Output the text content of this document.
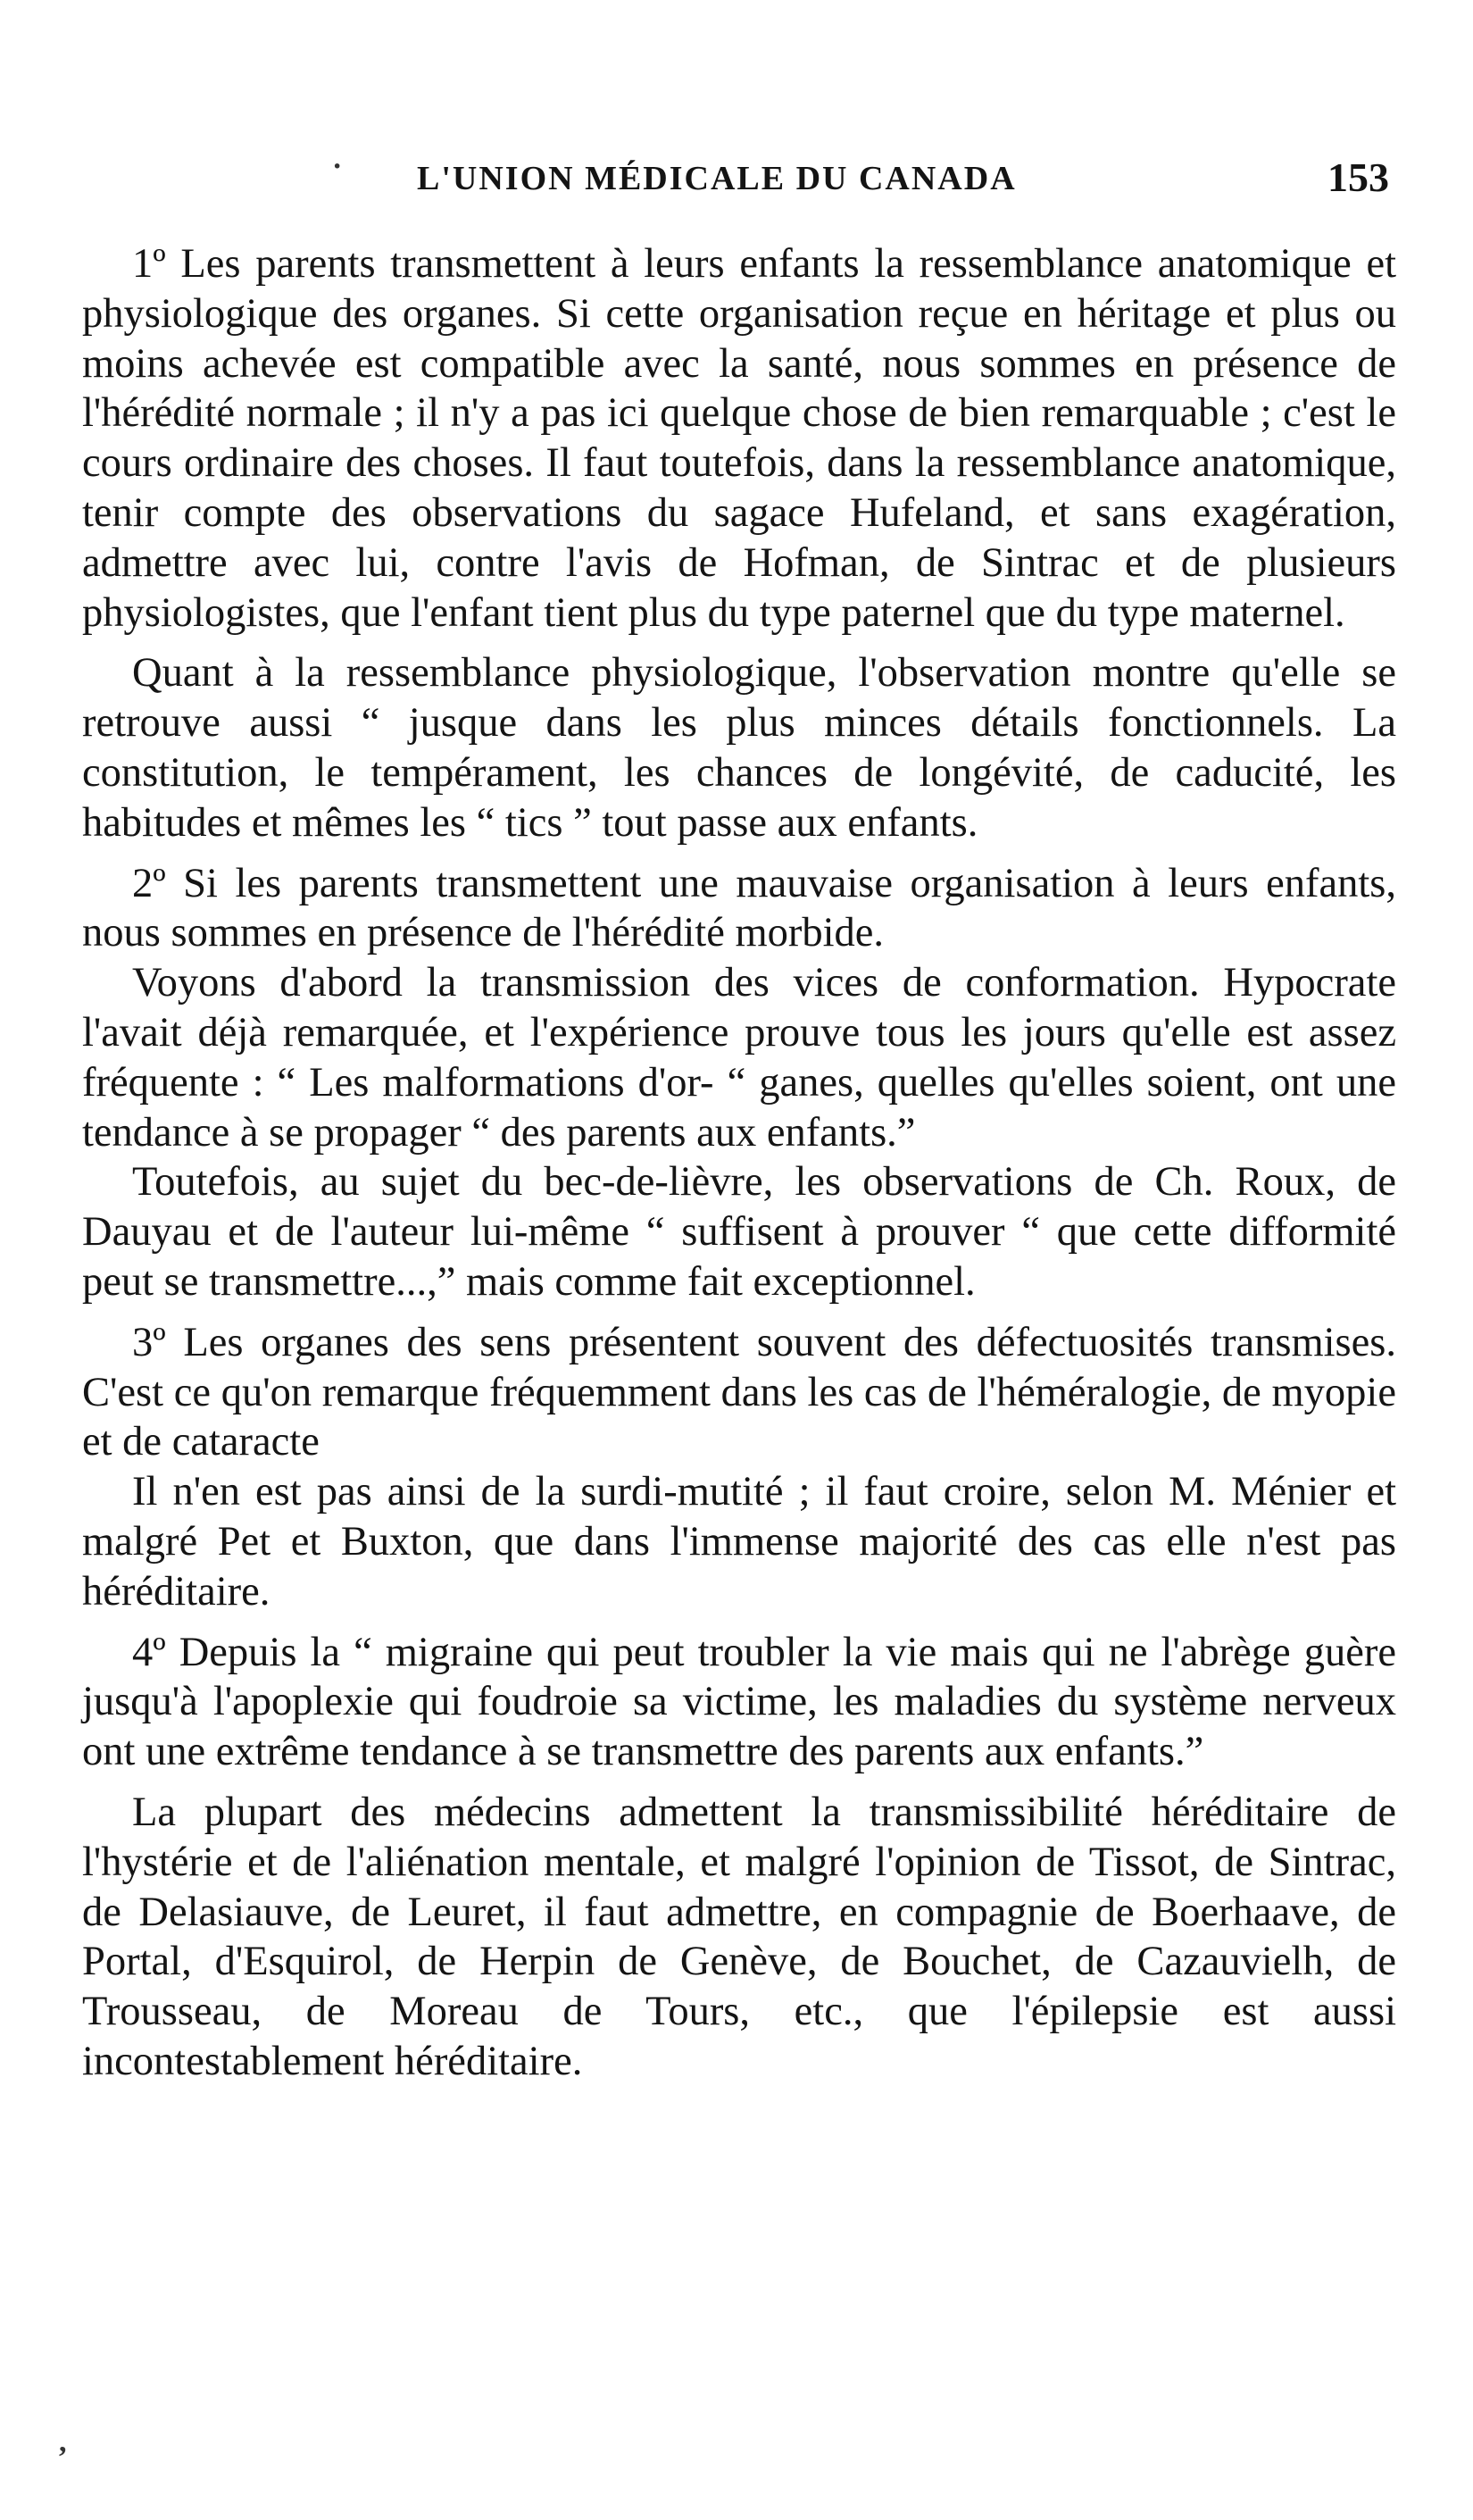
L'UNION MÉDICALE DU CANADA	153

1º Les parents transmettent à leurs enfants la ressemblance anatomique et physiologique des organes. Si cette organisation reçue en héritage et plus ou moins achevée est compatible avec la santé, nous sommes en présence de l'hérédité normale ; il n'y a pas ici quelque chose de bien remarquable ; c'est le cours ordinaire des choses. Il faut toutefois, dans la ressemblance anatomique, tenir compte des observations du sagace Hufeland, et sans exagération, admettre avec lui, contre l'avis de Hofman, de Sintrac et de plusieurs physiologistes, que l'enfant tient plus du type paternel que du type maternel.

Quant à la ressemblance physiologique, l'observation montre qu'elle se retrouve aussi “ jusque dans les plus minces détails fonctionnels. La constitution, le tempérament, les chances de longévité, de caducité, les habitudes et mêmes les “ tics ” tout passe aux enfants.

2º Si les parents transmettent une mauvaise organisation à leurs enfants, nous sommes en présence de l'hérédité morbide.

Voyons d'abord la transmission des vices de conformation. Hypocrate l'avait déjà remarquée, et l'expérience prouve tous les jours qu'elle est assez fréquente : “ Les malformations d'or- “ ganes, quelles qu'elles soient, ont une tendance à se propager “ des parents aux enfants.”

Toutefois, au sujet du bec-de-lièvre, les observations de Ch. Roux, de Dauyau et de l'auteur lui-même “ suffisent à prouver “ que cette difformité peut se transmettre...,” mais comme fait exceptionnel.

3º Les organes des sens présentent souvent des défectuosités transmises. C'est ce qu'on remarque fréquemment dans les cas de l'héméralogie, de myopie et de cataracte

Il n'en est pas ainsi de la surdi-mutité ; il faut croire, selon M. Ménier et malgré Pet et Buxton, que dans l'immense majorité des cas elle n'est pas héréditaire.

4º Depuis la “ migraine qui peut troubler la vie mais qui ne l'abrège guère jusqu'à l'apoplexie qui foudroie sa victime, les maladies du système nerveux ont une extrême tendance à se transmettre des parents aux enfants.”

La plupart des médecins admettent la transmissibilité héréditaire de l'hystérie et de l'aliénation mentale, et malgré l'opinion de Tissot, de Sintrac, de Delasiauve, de Leuret, il faut admettre, en compagnie de Boerhaave, de Portal, d'Esquirol, de Herpin de Genève, de Bouchet, de Cazauvielh, de Trousseau, de Moreau de Tours, etc., que l'épilepsie est aussi incontestablement héréditaire.

·
,
